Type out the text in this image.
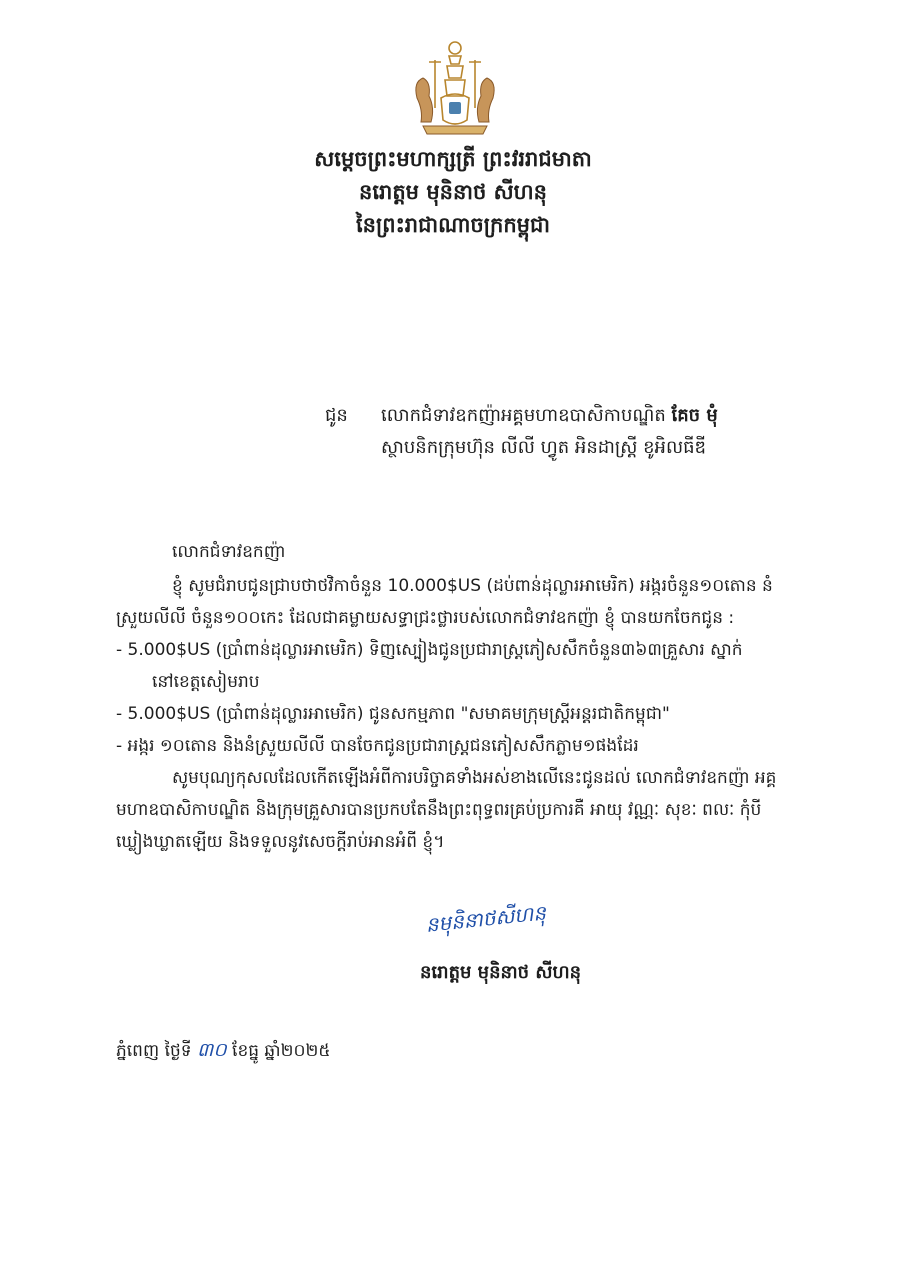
សម្តេចព្រះមហាក្សត្រី ព្រះវររាជមាតា
នរោត្តម មុនិនាថ សីហនុ
នៃព្រះរាជាណាចក្រកម្ពុជា
ជូន លោកជំទាវឧកញ៉ាអគ្គមហាឧបាសិកាបណ្ឌិត គែច មុំ
ស្ថាបនិកក្រុមហ៊ុន លីលី ហ្វូត អិនដាស្ត្រី ខូអិលធីឌី

លោកជំទាវឧកញ៉ា

ខ្ញុំ សូមជំរាបជូនជ្រាបថាថវិកាចំនួន 10.000$US (ដប់ពាន់ដុល្លារអាមេរិក) អង្ករចំនួន១០តោន នំស្រួយលីលី ចំនួន១០០កេះ ដែលជាគម្លាយសទ្ធាជ្រះថ្លារបស់លោកជំទាវឧកញ៉ា ខ្ញុំ បានយកចែកជូន :

- 5.000$US (ប្រាំពាន់ដុល្លារអាមេរិក) ទិញស្បៀងជូនប្រជារាស្ត្រភៀសសឹកចំនួន៣៦៣គ្រួសារ ស្នាក់

នៅខេត្តសៀមរាប

- 5.000$US (ប្រាំពាន់ដុល្លារអាមេរិក) ជូនសកម្មភាព "សមាគមក្រុមស្ត្រីអន្តរជាតិកម្ពុជា"

- អង្ករ ១០តោន និងនំស្រួយលីលី បានចែកជូនប្រជារាស្ត្រជនភៀសសឹកភ្លាម១ផងដែរ

សូមបុណ្យកុសលដែលកើតឡើងអំពីការបរិច្ចាគទាំងអស់ខាងលើនេះជូនដល់ លោកជំទាវឧកញ៉ា អគ្គមហាឧបាសិកាបណ្ឌិត និងក្រុមគ្រួសារបានប្រកបតែនឹងព្រះពុទ្ធពរគ្រប់ប្រការគឺ អាយុ វណ្ណៈ សុខៈ ពលៈ កុំបីឃ្លៀងឃ្លាតឡើយ និងទទួលនូវសេចក្តីរាប់អានអំពី ខ្ញុំ។

នមុនិនាថសីហនុ
នរោត្តម មុនិនាថ សីហនុ
ភ្នំពេញ ថ្ងៃទី ៣០ ខែធ្នូ ឆ្នាំ២០២៥
